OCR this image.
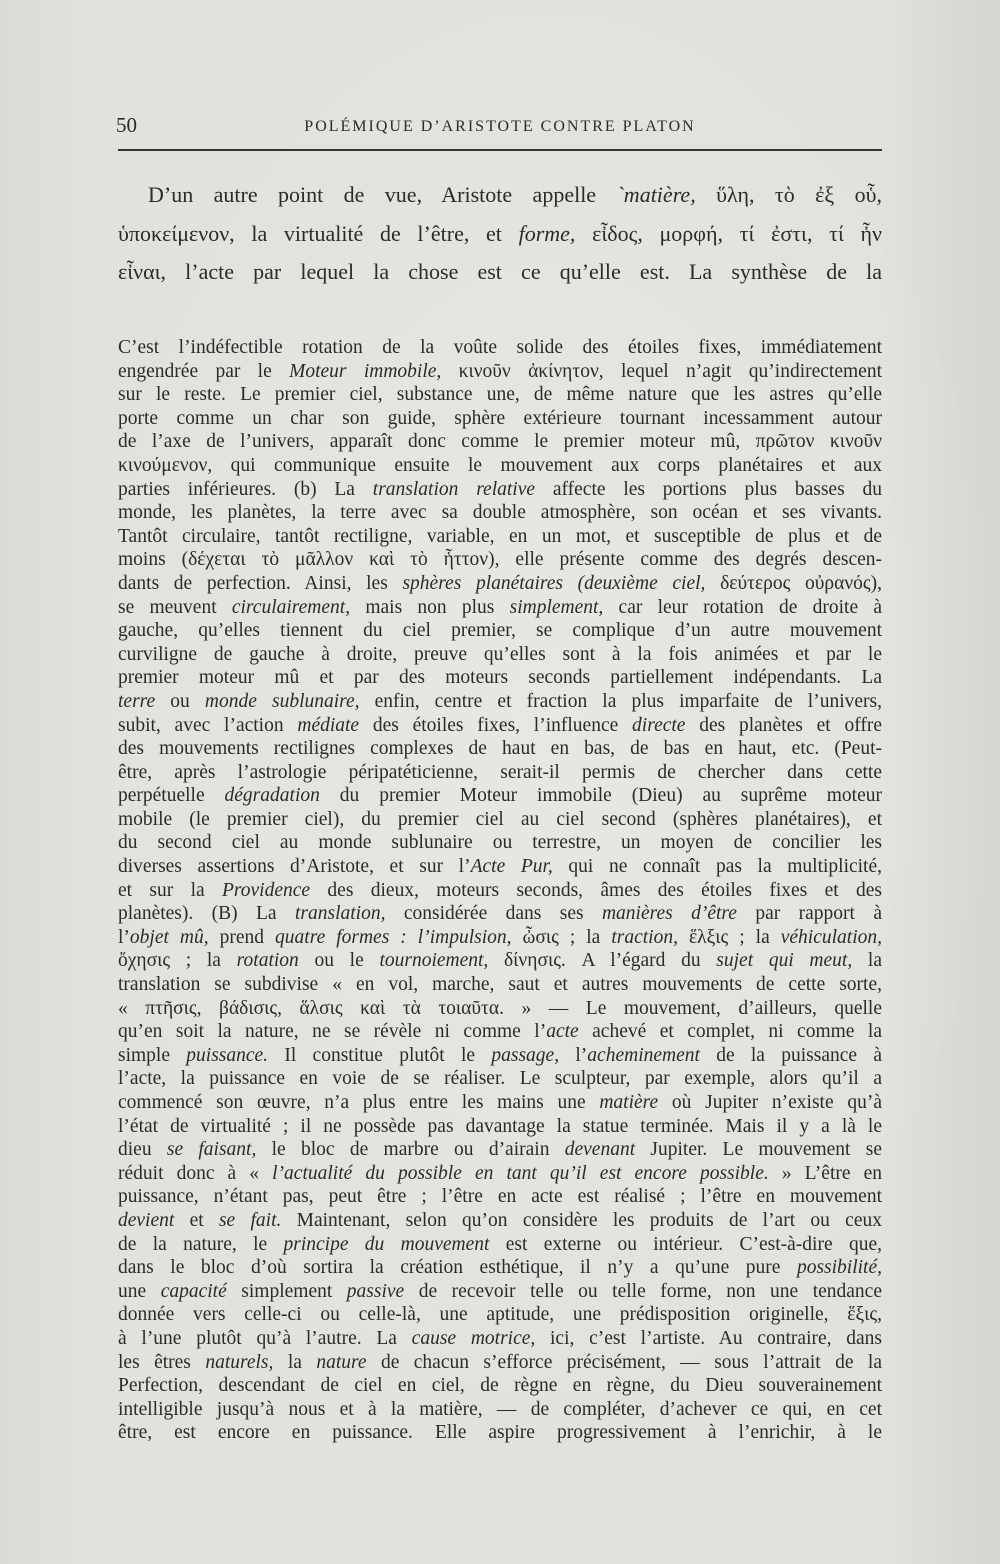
50	POLÉMIQUE D’ARISTOTE CONTRE PLATON
D’un autre point de vue, Aristote appelle `matière, ὕλη, τὸ ἐξ οὗ,
ὑποκείμενον, la virtualité de l’être, et forme, εἶδος, μορφή, τί ἐστι, τί ἦν
εἶναι, l’acte par lequel la chose est ce qu’elle est. La synthèse de la
C’est l’indéfectible rotation de la voûte solide des étoiles fixes, immédiatement
engendrée par le Moteur immobile, κινοῦν ἀκίνητον, lequel n’agit qu’indirectement
sur le reste. Le premier ciel, substance une, de même nature que les astres qu’elle
porte comme un char son guide, sphère extérieure tournant incessamment autour
de l’axe de l’univers, apparaît donc comme le premier moteur mû, πρῶτον κινοῦν
κινούμενον, qui communique ensuite le mouvement aux corps planétaires et aux
parties inférieures. (b) La translation relative affecte les portions plus basses du
monde, les planètes, la terre avec sa double atmosphère, son océan et ses vivants.
Tantôt circulaire, tantôt rectiligne, variable, en un mot, et susceptible de plus et de
moins (δέχεται τὸ μᾶλλον καὶ τὸ ἧττον), elle présente comme des degrés descen-
dants de perfection. Ainsi, les sphères planétaires (deuxième ciel, δεύτερος οὐρανός),
se meuvent circulairement, mais non plus simplement, car leur rotation de droite à
gauche, qu’elles tiennent du ciel premier, se complique d’un autre mouvement
curviligne de gauche à droite, preuve qu’elles sont à la fois animées et par le
premier moteur mû et par des moteurs seconds partiellement indépendants. La
terre ou monde sublunaire, enfin, centre et fraction la plus imparfaite de l’univers,
subit, avec l’action médiate des étoiles fixes, l’influence directe des planètes et offre
des mouvements rectilignes complexes de haut en bas, de bas en haut, etc. (Peut-
être, après l’astrologie péripatéticienne, serait-il permis de chercher dans cette
perpétuelle dégradation du premier Moteur immobile (Dieu) au suprême moteur
mobile (le premier ciel), du premier ciel au ciel second (sphères planétaires), et
du second ciel au monde sublunaire ou terrestre, un moyen de concilier les
diverses assertions d’Aristote, et sur l’Acte Pur, qui ne connaît pas la multiplicité,
et sur la Providence des dieux, moteurs seconds, âmes des étoiles fixes et des
planètes). (B) La translation, considérée dans ses manières d’être par rapport à
l’objet mû, prend quatre formes : l’impulsion, ὦσις ; la traction, ἕλξις ; la véhiculation,
ὄχησις ; la rotation ou le tournoiement, δίνησις. A l’égard du sujet qui meut, la
translation se subdivise « en vol, marche, saut et autres mouvements de cette sorte,
« πτῆσις, βάδισις, ἅλσις καὶ τὰ τοιαῦτα. » — Le mouvement, d’ailleurs, quelle
qu’en soit la nature, ne se révèle ni comme l’acte achevé et complet, ni comme la
simple puissance. Il constitue plutôt le passage, l’acheminement de la puissance à
l’acte, la puissance en voie de se réaliser. Le sculpteur, par exemple, alors qu’il a
commencé son œuvre, n’a plus entre les mains une matière où Jupiter n’existe qu’à
l’état de virtualité ; il ne possède pas davantage la statue terminée. Mais il y a là le
dieu se faisant, le bloc de marbre ou d’airain devenant Jupiter. Le mouvement se
réduit donc à « l’actualité du possible en tant qu’il est encore possible. » L’être en
puissance, n’étant pas, peut être ; l’être en acte est réalisé ; l’être en mouvement
devient et se fait. Maintenant, selon qu’on considère les produits de l’art ou ceux
de la nature, le principe du mouvement est externe ou intérieur. C’est-à-dire que,
dans le bloc d’où sortira la création esthétique, il n’y a qu’une pure possibilité,
une capacité simplement passive de recevoir telle ou telle forme, non une tendance
donnée vers celle-ci ou celle-là, une aptitude, une prédisposition originelle, ἕξις,
à l’une plutôt qu’à l’autre. La cause motrice, ici, c’est l’artiste. Au contraire, dans
les êtres naturels, la nature de chacun s’efforce précisément, — sous l’attrait de la
Perfection, descendant de ciel en ciel, de règne en règne, du Dieu souverainement
intelligible jusqu’à nous et à la matière, — de compléter, d’achever ce qui, en cet
être, est encore en puissance. Elle aspire progressivement à l’enrichir, à le
